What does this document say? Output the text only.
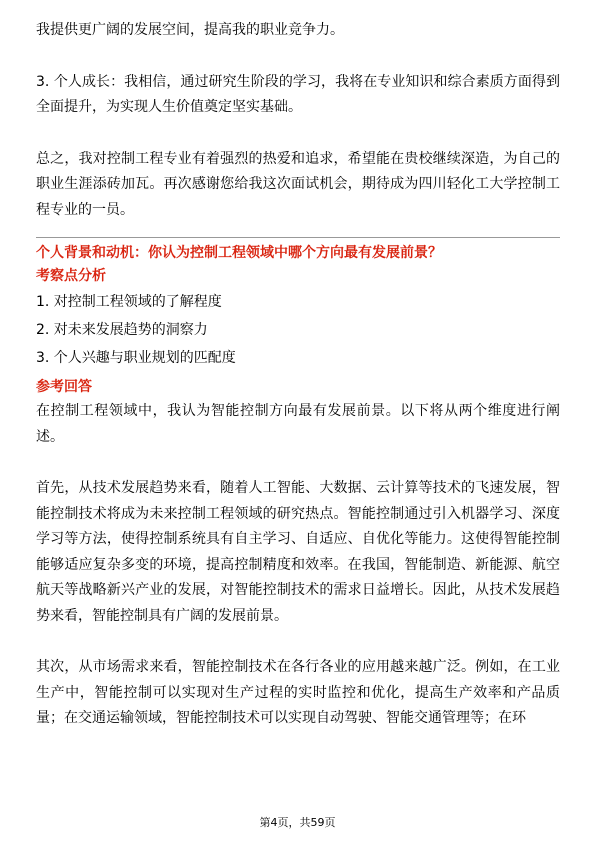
我提供更广阔的发展空间，提高我的职业竞争力。

3. 个人成长：我相信，通过研究生阶段的学习，我将在专业知识和综合素质方面得到全面提升，为实现人生价值奠定坚实基础。

总之，我对控制工程专业有着强烈的热爱和追求，希望能在贵校继续深造，为自己的职业生涯添砖加瓦。再次感谢您给我这次面试机会，期待成为四川轻化工大学控制工程专业的一员。

个人背景和动机：你认为控制工程领域中哪个方向最有发展前景？

考察点分析

1. 对控制工程领域的了解程度

2. 对未来发展趋势的洞察力

3. 个人兴趣与职业规划的匹配度

参考回答

在控制工程领域中，我认为智能控制方向最有发展前景。以下将从两个维度进行阐述。

首先，从技术发展趋势来看，随着人工智能、大数据、云计算等技术的飞速发展，智能控制技术将成为未来控制工程领域的研究热点。智能控制通过引入机器学习、深度学习等方法，使得控制系统具有自主学习、自适应、自优化等能力。这使得智能控制能够适应复杂多变的环境，提高控制精度和效率。在我国，智能制造、新能源、航空航天等战略新兴产业的发展，对智能控制技术的需求日益增长。因此，从技术发展趋势来看，智能控制具有广阔的发展前景。

其次，从市场需求来看，智能控制技术在各行各业的应用越来越广泛。例如，在工业生产中，智能控制可以实现对生产过程的实时监控和优化，提高生产效率和产品质量；在交通运输领域，智能控制技术可以实现自动驾驶、智能交通管理等；在环

第4页，共59页
